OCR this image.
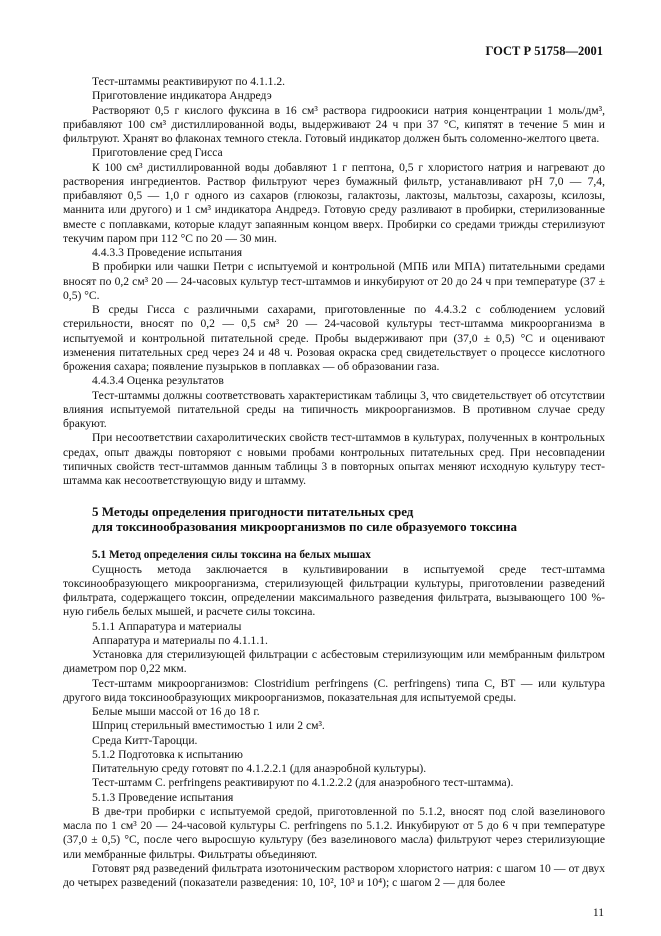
ГОСТ Р 51758—2001

Тест-штаммы реактивируют по 4.1.1.2.

Приготовление индикатора Андредэ

Растворяют 0,5 г кислого фуксина в 16 см³ раствора гидроокиси натрия концентрации 1 моль/дм³, прибавляют 100 см³ дистиллированной воды, выдерживают 24 ч при 37 °С, кипятят в течение 5 мин и фильтруют. Хранят во флаконах темного стекла. Готовый индикатор должен быть соломенно-желтого цвета.

Приготовление сред Гисса

К 100 см³ дистиллированной воды добавляют 1 г пептона, 0,5 г хлористого натрия и нагревают до растворения ингредиентов. Раствор фильтруют через бумажный фильтр, устанавливают pH 7,0 — 7,4, прибавляют 0,5 — 1,0 г одного из сахаров (глюкозы, галактозы, лактозы, мальтозы, сахарозы, ксилозы, маннита или другого) и 1 см³ индикатора Андредэ. Готовую среду разливают в пробирки, стерилизованные вместе с поплавками, которые кладут запаянным концом вверх. Пробирки со средами трижды стерилизуют текучим паром при 112 °С по 20 — 30 мин.

4.4.3.3 Проведение испытания

В пробирки или чашки Петри с испытуемой и контрольной (МПБ или МПА) питательными средами вносят по 0,2 см³ 20 — 24-часовых культур тест-штаммов и инкубируют от 20 до 24 ч при температуре (37 ± 0,5) °С.

В среды Гисса с различными сахарами, приготовленные по 4.4.3.2 с соблюдением условий стерильности, вносят по 0,2 — 0,5 см³ 20 — 24-часовой культуры тест-штамма микроорганизма в испытуемой и контрольной питательной среде. Пробы выдерживают при (37,0 ± 0,5) °С и оценивают изменения питательных сред через 24 и 48 ч. Розовая окраска сред свидетельствует о процессе кислотного брожения сахара; появление пузырьков в поплавках — об образовании газа.

4.4.3.4 Оценка результатов

Тест-штаммы должны соответствовать характеристикам таблицы 3, что свидетельствует об отсутствии влияния испытуемой питательной среды на типичность микроорганизмов. В противном случае среду бракуют.

При несоответствии сахаролитических свойств тест-штаммов в культурах, полученных в контрольных средах, опыт дважды повторяют с новыми пробами контрольных питательных сред. При несовпадении типичных свойств тест-штаммов данным таблицы 3 в повторных опытах меняют исходную культуру тест-штамма как несоответствующую виду и штамму.

5 Методы определения пригодности питательных сред
для токсинообразования микроорганизмов по силе образуемого токсина

5.1 Метод определения силы токсина на белых мышах

Сущность метода заключается в культивировании в испытуемой среде тест-штамма токсинообразующего микроорганизма, стерилизующей фильтрации культуры, приготовлении разведений фильтрата, содержащего токсин, определении максимального разведения фильтрата, вызывающего 100 %-ную гибель белых мышей, и расчете силы токсина.

5.1.1 Аппаратура и материалы

Аппаратура и материалы по 4.1.1.1.

Установка для стерилизующей фильтрации с асбестовым стерилизующим или мембранным фильтром диаметром пор 0,22 мкм.

Тест-штамм микроорганизмов: Clostridium perfringens (C. perfringens) типа С, ВТ — или культура другого вида токсинообразующих микроорганизмов, показательная для испытуемой среды.

Белые мыши массой от 16 до 18 г.

Шприц стерильный вместимостью 1 или 2 см³.

Среда Китт-Тароцци.

5.1.2 Подготовка к испытанию

Питательную среду готовят по 4.1.2.2.1 (для анаэробной культуры).

Тест-штамм C. perfringens реактивируют по 4.1.2.2.2 (для анаэробного тест-штамма).

5.1.3 Проведение испытания

В две-три пробирки с испытуемой средой, приготовленной по 5.1.2, вносят под слой вазелинового масла по 1 см³ 20 — 24-часовой культуры C. perfringens по 5.1.2. Инкубируют от 5 до 6 ч при температуре (37,0 ± 0,5) °С, после чего выросшую культуру (без вазелинового масла) фильтруют через стерилизующие или мембранные фильтры. Фильтраты объединяют.

Готовят ряд разведений фильтрата изотоническим раствором хлористого натрия: с шагом 10 — от двух до четырех разведений (показатели разведения: 10, 10², 10³ и 10⁴); с шагом 2 — для более

11
